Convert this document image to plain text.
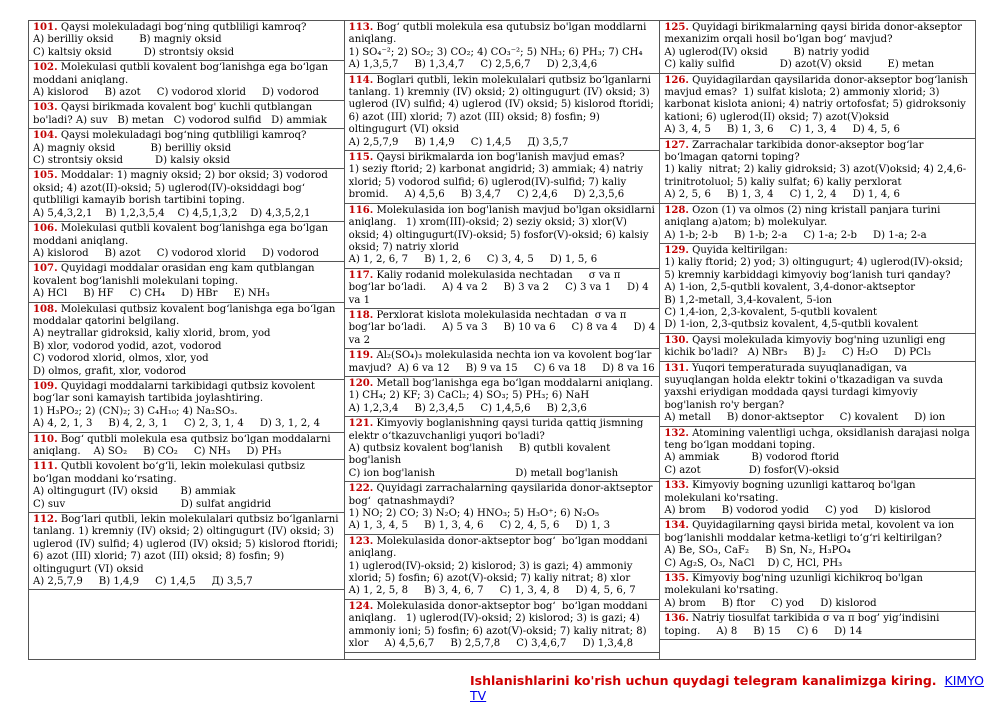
101. Qaysi molekuladagi bog‘ning qutbliligi kamroq?
A) berilliy oksid        B) magniy oksid
C) kaltsiy oksid          D) strontsiy oksid
102. Molekulasi qutbli kovalent bog‘lanishga ega bo‘lgan moddani aniqlang.
A) kislorod     B) azot     C) vodorod xlorid     D) vodorod
103. Qaysi birikmada kovalent bog' kuchli qutblangan bo'ladi? A) suv   B) metan   C) vodorod sulfid   D) ammiak
104. Qaysi molekuladagi bog‘ning qutbliligi kamroq?
A) magniy oksid           B) berilliy oksid
C) strontsiy oksid          D) kalsiy oksid
105. Moddalar: 1) magniy oksid; 2) bor oksid; 3) vodorod oksid; 4) azot(II)-oksid; 5) uglerod(IV)-oksiddagi bog‘ qutbliligi kamayib borish tartibini toping.
A) 5,4,3,2,1    B) 1,2,3,5,4    C) 4,5,1,3,2    D) 4,3,5,2,1
106. Molekulasi qutbli kovalent bog‘lanishga ega bo‘lgan moddani aniqlang.
A) kislorod     B) azot     C) vodorod xlorid     D) vodorod
107. Quyidagi moddalar orasidan eng kam qutblangan kovalent bog‘lanishli molekulani toping.
A) HCl     B) HF     C) CH₄     D) HBr     E) NH₃
108. Molekulasi qutbsiz kovalent bog‘lanishga ega bo‘lgan moddalar qatorini belgilang.
A) neytrallar gidroksid, kaliy xlorid, brom, yod
B) xlor, vodorod yodid, azot, vodorod
C) vodorod xlorid, olmos, xlor, yod
D) olmos, grafit, xlor, vodorod
109. Quyidagi moddalarni tarkibidagi qutbsiz kovolent bog‘lar soni kamayish tartibida joylashtiring.
1) H₃PO₂; 2) (CN)₂; 3) C₄H₁₀; 4) Na₂SO₃.
A) 4, 2, 1, 3     B) 4, 2, 3, 1     C) 2, 3, 1, 4     D) 3, 1, 2, 4
110. Bog‘ qutbli molekula esa qutbsiz bo‘lgan moddalarni aniqlang.    A) SO₂     B) CO₂     C) NH₃     D) PH₃
111. Qutbli kovolent bo‘g‘li, lekin molekulasi qutbsiz bo‘lgan moddani ko‘rsating.
A) oltingugurt (IV) oksid       B) ammiak
C) suv                                    D) sulfat angidrid
112. Bog‘lari qutbli, lekin molekulalari qutbsiz bo‘lganlarni tanlang. 1) kremniy (IV) oksid; 2) oltingugurt (IV) oksid; 3) uglerod (IV) sulfid; 4) uglerod (IV) oksid; 5) kislorod ftoridi; 6) azot (III) xlorid; 7) azot (III) oksid; 8) fosfin; 9) oltingugurt (VI) oksid
A) 2,5,7,9     B) 1,4,9     C) 1,4,5     Д) 3,5,7
113. Bog‘ qutbli molekula esa qutubsiz bo'lgan moddlarni aniqlang.
1) SO₄⁻²; 2) SO₂; 3) CO₂; 4) CO₃⁻²; 5) NH₃; 6) PH₃; 7) CH₄
A) 1,3,5,7     B) 1,3,4,7     C) 2,5,6,7     D) 2,3,4,6
114. Boglari qutbli, lekin molekulalari qutbsiz bo‘lganlarni tanlang. 1) kremniy (IV) oksid; 2) oltingugurt (IV) oksid; 3) uglerod (IV) sulfid; 4) uglerod (IV) oksid; 5) kislorod ftoridi; 6) azot (III) xlorid; 7) azot (III) oksid; 8) fosfin; 9) oltingugurt (VI) oksid
A) 2,5,7,9     B) 1,4,9     C) 1,4,5     Д) 3,5,7
115. Qaysi birikmalarda ion bog'lanish mavjud emas?
1) seziy ftorid; 2) karbonat angidrid; 3) ammiak; 4) natriy xlorid; 5) vodorod sulfid; 6) uglerod(IV)-sulfid; 7) kaliy bromid.     A) 4,5,6     B) 3,4,7     C) 2,4,6     D) 2,3,5,6
116. Molekulasida ion bog'lanish mavjud bo'lgan oksidlarni aniqlang.   1) xrom(III)-oksid; 2) seziy oksid; 3) xlor(V) oksid; 4) oltingugurt(IV)-oksid; 5) fosfor(V)-oksid; 6) kalsiy oksid; 7) natriy xlorid
A) 1, 2, 6, 7     B) 1, 2, 6     C) 3, 4, 5     D) 1, 5, 6
117. Kaliy rodanid molekulasida nechtadan     σ va π  bog‘lar bo‘ladi.     A) 4 va 2     B) 3 va 2     C) 3 va 1     D) 4 va 1
118. Perxlorat kislota molekulasida nechtadan  σ va π  bog‘lar bo‘ladi.     A) 5 va 3     B) 10 va 6     C) 8 va 4     D) 4 va 2
119. Al₂(SO₄)₃ molekulasida nechta ion va kovolent bog‘lar mavjud?  A) 6 va 12     B) 9 va 15     C) 6 va 18     D) 8 va 16
120. Metall bog‘lanishga ega bo‘lgan moddalarni aniqlang.
1) CH₄; 2) KF; 3) CaCl₂; 4) SO₃; 5) PH₃; 6) NaH
A) 1,2,3,4     B) 2,3,4,5     C) 1,4,5,6     B) 2,3,6
121. Kimyoviy boglanishning qaysi turida qattiq jismning elektr o‘tkazuvchanligi yuqori bo'ladi?
A) qutbsiz kovalent bog'lanish     B) qutbli kovalent bog'lanish
C) ion bog'lanish                         D) metall bog'lanish
122. Quyidagi zarrachalarning qaysilarida donor-aktseptor bog‘  qatnashmaydi?
1) NO; 2) CO; 3) N₂O; 4) HNO₃; 5) H₃O⁺; 6) N₂O₅
A) 1, 3, 4, 5     B) 1, 3, 4, 6     C) 2, 4, 5, 6     D) 1, 3
123. Molekulasida donor-aktseptor bog‘  bo‘lgan moddani aniqlang.
1) uglerod(IV)-oksid; 2) kislorod; 3) is gazi; 4) ammoniy xlorid; 5) fosfin; 6) azot(V)-oksid; 7) kaliy nitrat; 8) xlor
A) 1, 2, 5, 8     B) 3, 4, 6, 7     C) 1, 3, 4, 8     D) 4, 5, 6, 7
124. Molekulasida donor-aktseptor bog‘  bo‘lgan moddani aniqlang.   1) uglerod(IV)-oksid; 2) kislorod; 3) is gazi; 4) ammoniy ioni; 5) fosfin; 6) azot(V)-oksid; 7) kaliy nitrat; 8) xlor     A) 4,5,6,7     B) 2,5,7,8     C) 3,4,6,7     D) 1,3,4,8
125. Quyidagi birikmalarning qaysi birida donor-akseptor mexanizim orqali hosil bo‘lgan bog‘ mavjud?
A) uglerod(IV) oksid        B) natriy yodid
C) kaliy sulfid              D) azot(V) oksid        E) metan
126. Quyidagilardan qaysilarida donor-akseptor bog‘lanish mavjud emas?  1) sulfat kislota; 2) ammoniy xlorid; 3) karbonat kislota anioni; 4) natriy ortofosfat; 5) gidroksoniy kationi; 6) uglerod(II) oksid; 7) azot(V)oksid
A) 3, 4, 5     B) 1, 3, 6     C) 1, 3, 4     D) 4, 5, 6
127. Zarrachalar tarkibida donor-akseptor bog‘lar bo‘lmagan qatorni toping?
1) kaliy  nitrat; 2) kaliy gidroksid; 3) azot(V)oksid; 4) 2,4,6-trinitrotoluol; 5) kaliy sulfat; 6) kaliy perxlorat
A) 2, 5, 6     B) 1, 3, 4     C) 1, 2, 4     D) 1, 4, 6
128. Ozon (1) va olmos (2) ning kristall panjara turini aniqlang a)atom; b) molekulyar.
A) 1-b; 2-b     B) 1-b; 2-a     C) 1-a; 2-b     D) 1-a; 2-a
129. Quyida keltirilgan:
1) kaliy ftorid; 2) yod; 3) oltingugurt; 4) uglerod(IV)-oksid; 5) kremniy karbiddagi kimyoviy bog‘lanish turi qanday?
A) 1-ion, 2,5-qutbli kovalent, 3,4-donor-aktseptor
B) 1,2-metall, 3,4-kovalent, 5-ion
C) 1,4-ion, 2,3-kovalent, 5-qutbli kovalent
D) 1-ion, 2,3-qutbsiz kovalent, 4,5-qutbli kovalent
130. Qaysi molekulada kimyoviy bog'ning uzunligi eng kichik bo'ladi?   A) NBr₃     B) J₂     C) H₂O     D) PCl₃
131. Yuqori temperaturada suyuqlanadigan, va suyuqlangan holda elektr tokini o'tkazadigan va suvda yaxshi eriydigan moddada qaysi turdagi kimyoviy bog'lanish ro'y bergan?
A) metall     B) donor-aktseptor     C) kovalent     D) ion
132. Atomining valentligi uchga, oksidlanish darajasi nolga teng bo‘lgan moddani toping.
A) ammiak          B) vodorod ftorid
C) azot               D) fosfor(V)-oksid
133. Kimyoviy bogning uzunligi kattaroq bo'lgan molekulani ko'rsating.
A) brom     B) vodorod yodid     C) yod     D) kislorod
134. Quyidagilarning qaysi birida metal, kovolent va ion bog‘lanishli moddalar ketma-ketligi to‘g‘ri keltirilgan?
A) Be, SO₃, CaF₂     B) Sn, N₂, H₃PO₄
C) Ag₂S, O₃, NaCl    D) C, HCl, PH₃
135. Kimyoviy bog'ning uzunligi kichikroq bo'lgan molekulani ko'rsating.
A) brom     B) ftor     C) yod     D) kislorod
136. Natriy tiosulfat tarkibida σ va π bog’ yig’indisini toping.     A) 8     B) 15     C) 6     D) 14
Ishlanishlarini ko'rish uchun quydagi telegram kanalimizga kiring. KIMYO TV
